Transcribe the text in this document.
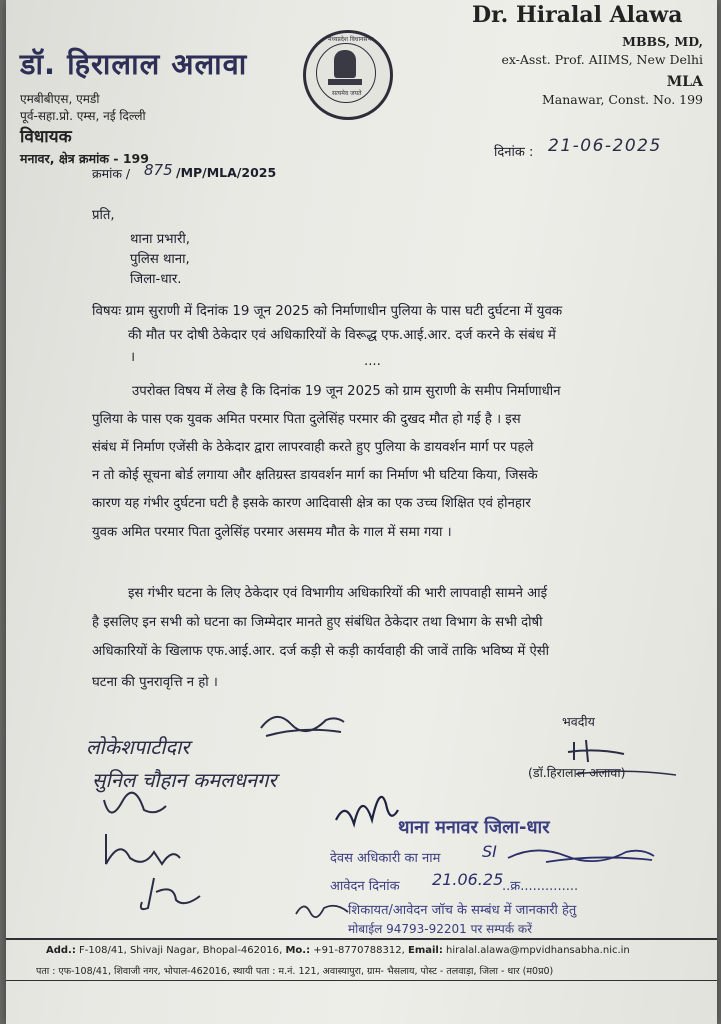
डॉ. हिरालाल अलावा
एमबीबीएस, एमडी
पूर्व-सहा.प्रो. एम्स, नई दिल्ली
विधायक
मनावर, क्षेत्र क्रमांक - 199
मध्यप्रदेश विधानसभा
सत्यमेव जयते
Dr. Hiralal Alawa
MBBS, MD,
ex-Asst. Prof. AIIMS, New Delhi
MLA
Manawar, Const. No. 199
दिनांक : 21-06-2025
क्रमांक / 875 /MP/MLA/2025
प्रति,
थाना प्रभारी,
पुलिस थाना,
जिला-धार.
विषयः ग्राम सुराणी में दिनांक 19 जून 2025 को निर्माणाधीन पुलिया के पास घटी दुर्घटना में युवक
की मौत पर दोषी ठेकेदार एवं अधिकारियों के विरूद्ध एफ.आई.आर. दर्ज करने के संबंध में
।	....
उपरोक्त विषय में लेख है कि दिनांक 19 जून 2025 को ग्राम सुराणी के समीप निर्माणाधीन
पुलिया के पास एक युवक अमित परमार पिता दुलेसिंह परमार की दुखद मौत हो गई है । इस
संबंध में निर्माण एजेंसी के ठेकेदार द्वारा लापरवाही करते हुए पुलिया के डायवर्शन मार्ग पर पहले
न तो कोई सूचना बोर्ड लगाया और क्षतिग्रस्त डायवर्शन मार्ग का निर्माण भी घटिया किया, जिसके
कारण यह गंभीर दुर्घटना घटी है इसके कारण आदिवासी क्षेत्र का एक उच्च शिक्षित एवं होनहार
युवक अमित परमार पिता दुलेसिंह परमार असमय मौत के गाल में समा गया ।
इस गंभीर घटना के लिए ठेकेदार एवं विभागीय अधिकारियों की भारी लापवाही सामने आई
है इसलिए इन सभी को घटना का जिम्मेदार मानते हुए संबंधित ठेकेदार तथा विभाग के सभी दोषी
अधिकारियों के खिलाफ एफ.आई.आर. दर्ज कड़ी से कड़ी कार्यवाही की जावें ताकि भविष्य में ऐसी
घटना की पुनरावृत्ति न हो ।
भवदीय
(डॉ.हिरालाल अलावा)
लोकेशपाटीदार
सुनिल चौहान कमलधनगर
थाना मनावर जिला-धार
देवस अधिकारी का नाम	SI
आवेदन दिनांक 21.06.25
..क्र..............
शिकायत/आवेदन जॉच के सम्बंध में जानकारी हेतु
मोबाईल 94793-92201 पर सम्पर्क करें
Add.: F-108/41, Shivaji Nagar, Bhopal-462016, Mo.: +91-8770788312, Email: hiralal.alawa@mpvidhansabha.nic.in
पता : एफ-108/41, शिवाजी नगर, भोपाल-462016, स्थायी पता : म.नं. 121, अवास्यापुरा, ग्राम- भैसलाय, पोस्ट - तलवाड़ा, जिला - धार (म0प्र0)
